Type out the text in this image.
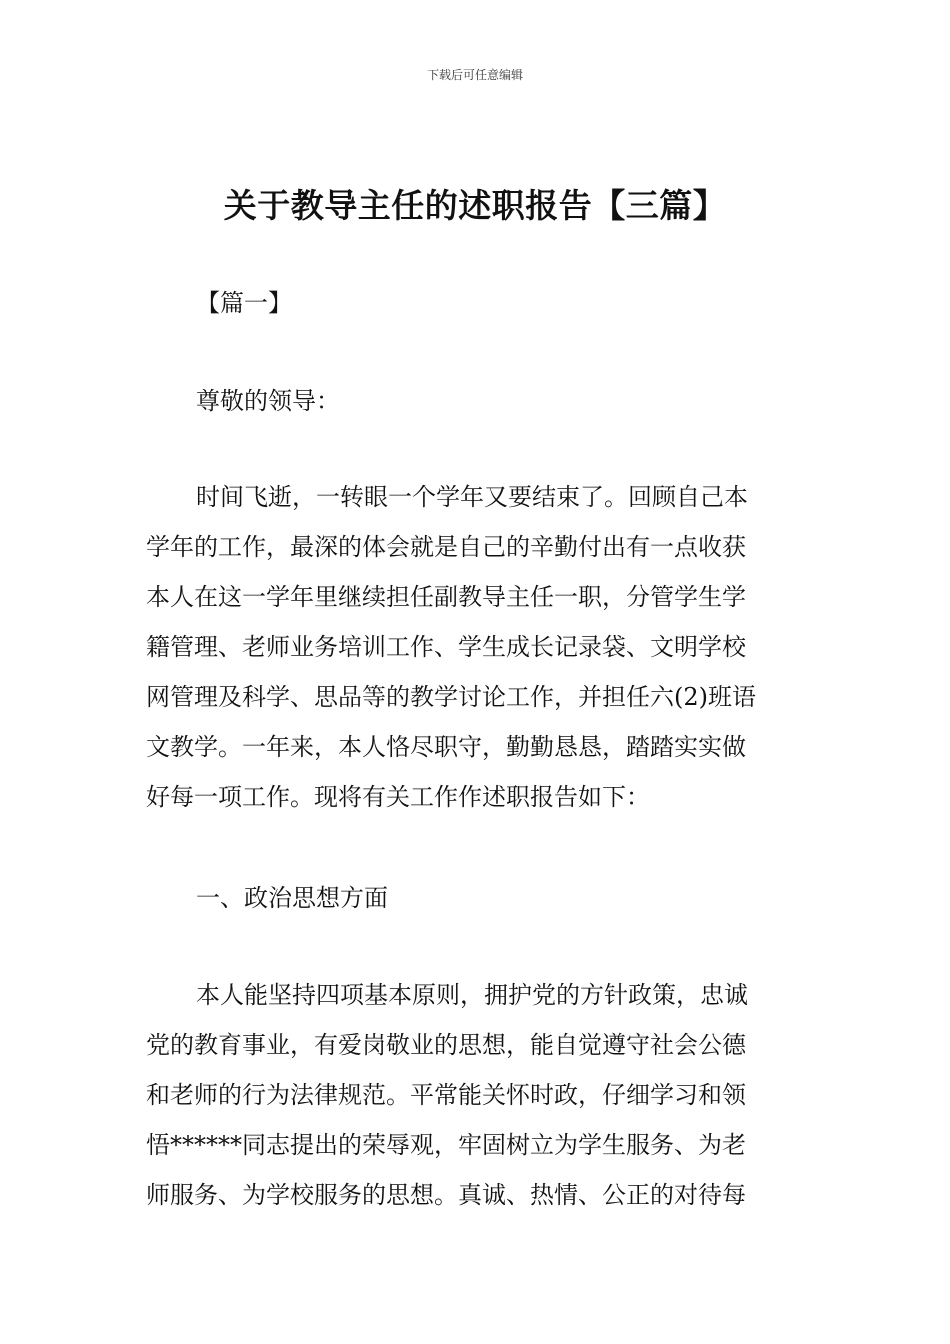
下载后可任意编辑
关于教导主任的述职报告【三篇】
【篇一】
尊敬的领导：
时间飞逝，一转眼一个学年又要结束了。回顾自己本
学年的工作，最深的体会就是自己的辛勤付出有一点收获
本人在这一学年里继续担任副教导主任一职，分管学生学
籍管理、老师业务培训工作、学生成长记录袋、文明学校
网管理及科学、思品等的教学讨论工作，并担任六(2)班语
文教学。一年来，本人恪尽职守，勤勤恳恳，踏踏实实做
好每一项工作。现将有关工作作述职报告如下：
一、政治思想方面
本人能坚持四项基本原则，拥护党的方针政策，忠诚
党的教育事业，有爱岗敬业的思想，能自觉遵守社会公德
和老师的行为法律规范。平常能关怀时政，仔细学习和领
悟******同志提出的荣辱观，牢固树立为学生服务、为老
师服务、为学校服务的思想。真诚、热情、公正的对待每
